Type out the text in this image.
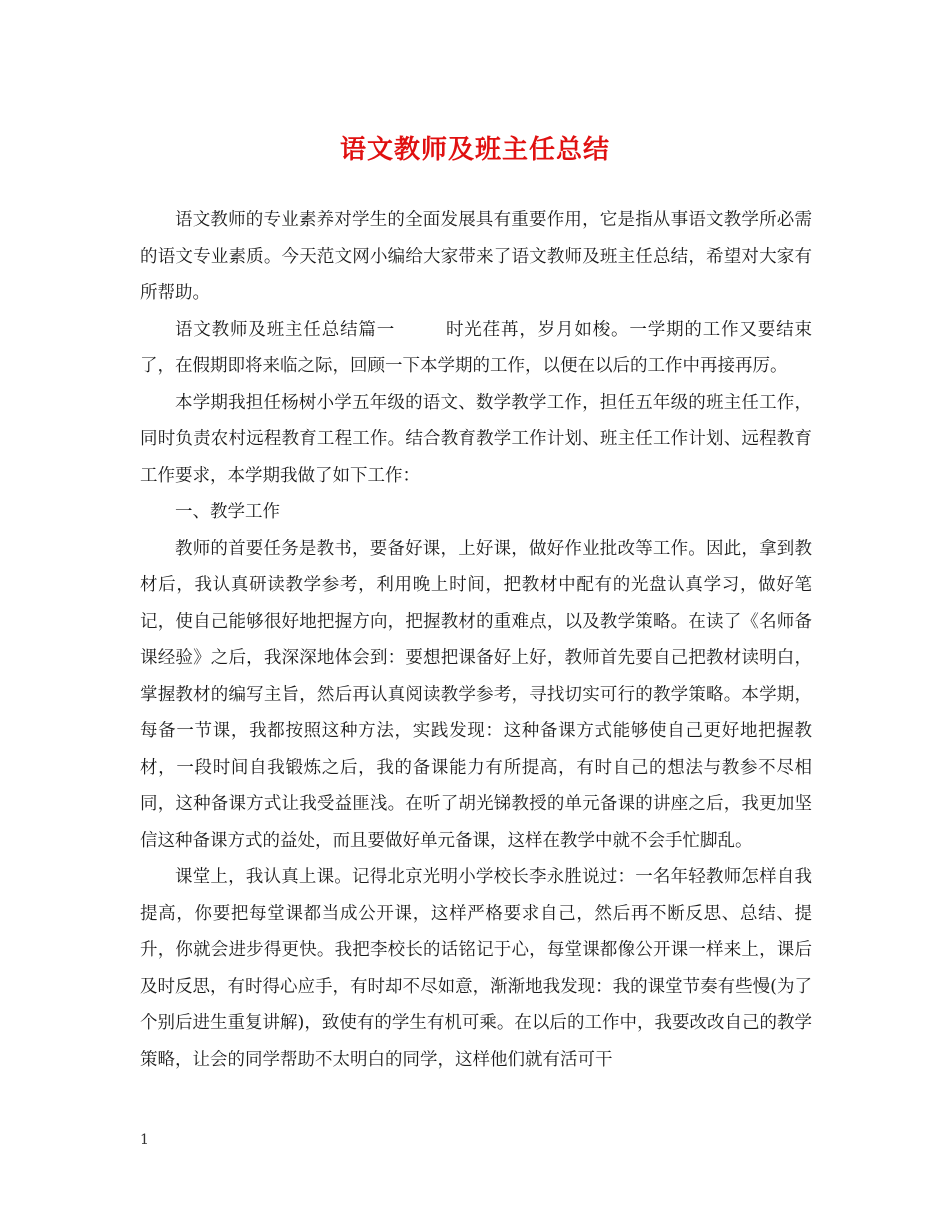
语文教师及班主任总结

语文教师的专业素养对学生的全面发展具有重要作用，它是指从事语文教学所必需的语文专业素质。今天范文网小编给大家带来了语文教师及班主任总结，希望对大家有所帮助。

语文教师及班主任总结篇一	时光荏苒，岁月如梭。一学期的工作又要结束了，在假期即将来临之际，回顾一下本学期的工作，以便在以后的工作中再接再厉。

本学期我担任杨树小学五年级的语文、数学教学工作，担任五年级的班主任工作，同时负责农村远程教育工程工作。结合教育教学工作计划、班主任工作计划、远程教育工作要求，本学期我做了如下工作：

一、教学工作

教师的首要任务是教书，要备好课，上好课，做好作业批改等工作。因此，拿到教材后，我认真研读教学参考，利用晚上时间，把教材中配有的光盘认真学习，做好笔记，使自己能够很好地把握方向，把握教材的重难点，以及教学策略。在读了《名师备课经验》之后，我深深地体会到：要想把课备好上好，教师首先要自己把教材读明白，掌握教材的编写主旨，然后再认真阅读教学参考，寻找切实可行的教学策略。本学期，每备一节课，我都按照这种方法，实践发现：这种备课方式能够使自己更好地把握教材，一段时间自我锻炼之后，我的备课能力有所提高，有时自己的想法与教参不尽相同，这种备课方式让我受益匪浅。在听了胡光锑教授的单元备课的讲座之后，我更加坚信这种备课方式的益处，而且要做好单元备课，这样在教学中就不会手忙脚乱。

课堂上，我认真上课。记得北京光明小学校长李永胜说过：一名年轻教师怎样自我提高，你要把每堂课都当成公开课，这样严格要求自己，然后再不断反思、总结、提升，你就会进步得更快。我把李校长的话铭记于心，每堂课都像公开课一样来上，课后及时反思，有时得心应手，有时却不尽如意，渐渐地我发现：我的课堂节奏有些慢(为了个别后进生重复讲解)，致使有的学生有机可乘。在以后的工作中，我要改改自己的教学策略，让会的同学帮助不太明白的同学，这样他们就有活可干

1
